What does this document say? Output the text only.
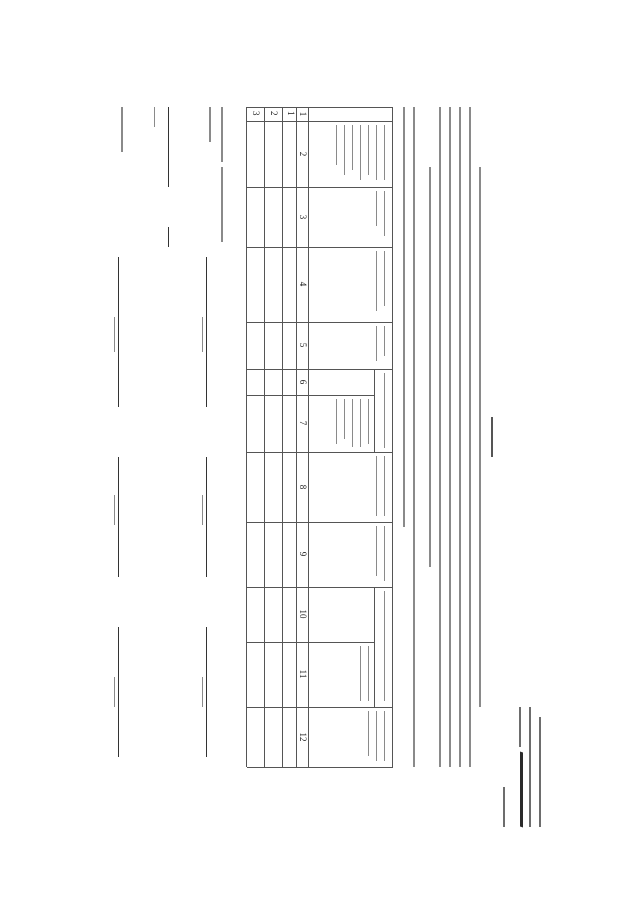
1
2
3
4
5
6
7
8
9
10
11
12
1
2
3
